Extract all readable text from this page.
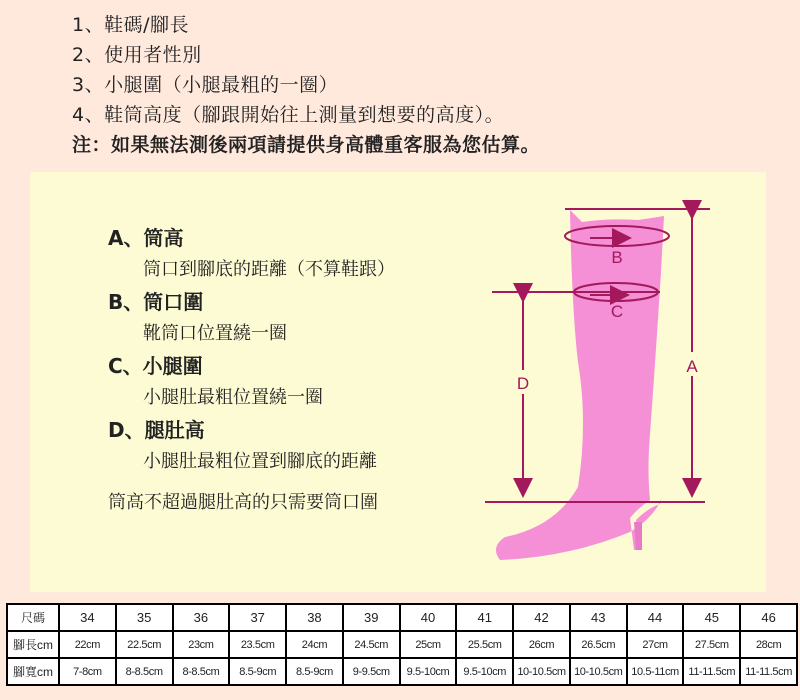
1、鞋碼/腳長
2、使用者性別
3、小腿圍（小腿最粗的一圈）
4、鞋筒高度（腳跟開始往上測量到想要的高度）。
注：如果無法測後兩項請提供身高體重客服為您估算。
A、筒高
筒口到腳底的距離（不算鞋跟）
B、筒口圍
靴筒口位置繞一圈
C、小腿圍
小腿肚最粗位置繞一圈
D、腿肚高
小腿肚最粗位置到腳底的距離
筒高不超過腿肚高的只需要筒口圍
A
B
C
D
尺碼	34	35	36	37	38	39	40	41	42	43	44	45	46
腳長cm	22cm	22.5cm	23cm	23.5cm	24cm	24.5cm	25cm	25.5cm	26cm	26.5cm	27cm	27.5cm	28cm
腳寬cm	7-8cm	8-8.5cm	8-8.5cm	8.5-9cm	8.5-9cm	9-9.5cm	9.5-10cm	9.5-10cm	10-10.5cm	10-10.5cm	10.5-11cm	11-11.5cm	11-11.5cm
